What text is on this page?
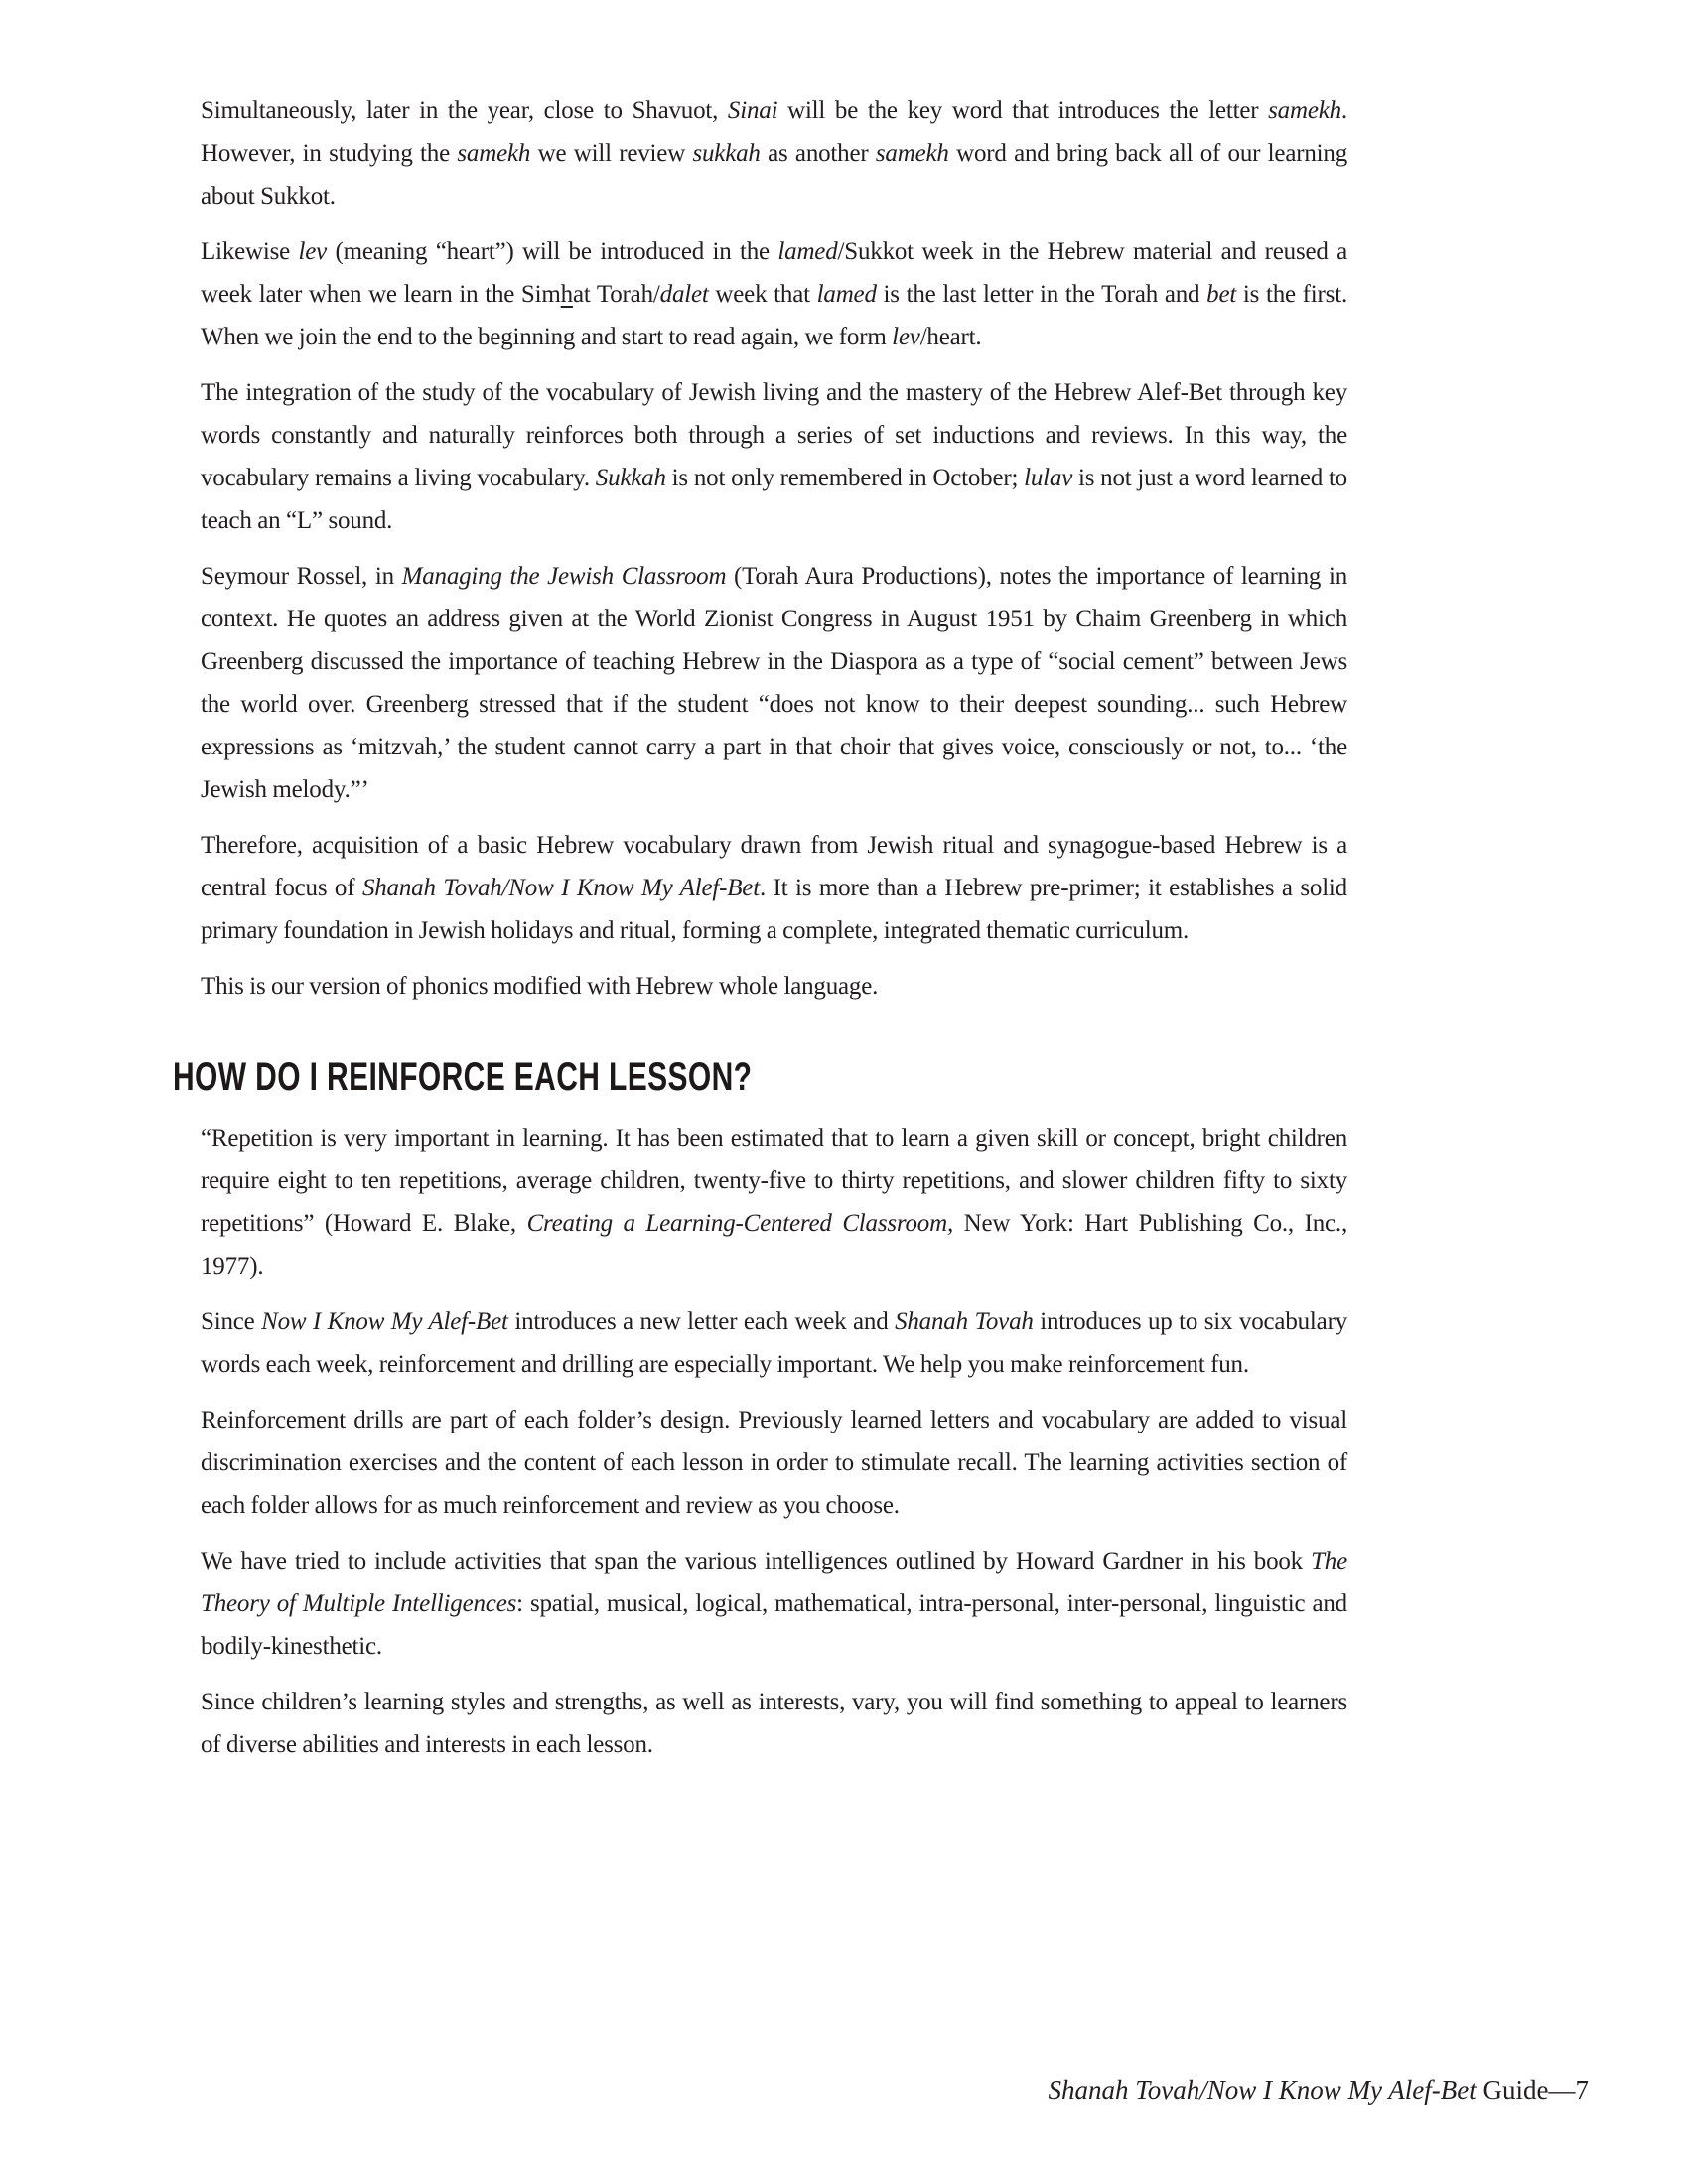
Simultaneously, later in the year, close to Shavuot, Sinai will be the key word that introduces the letter samekh. However, in studying the samekh we will review sukkah as another samekh word and bring back all of our learning about Sukkot.

Likewise lev (meaning “heart”) will be introduced in the lamed/Sukkot week in the Hebrew material and reused a week later when we learn in the Simhat Torah/dalet week that lamed is the last letter in the Torah and bet is the first. When we join the end to the beginning and start to read again, we form lev/heart.

The integration of the study of the vocabulary of Jewish living and the mastery of the Hebrew Alef-Bet through key words constantly and naturally reinforces both through a series of set inductions and reviews. In this way, the vocabulary remains a living vocabulary. Sukkah is not only remembered in October; lulav is not just a word learned to teach an “L” sound.

Seymour Rossel, in Managing the Jewish Classroom (Torah Aura Productions), notes the importance of learning in context. He quotes an address given at the World Zionist Congress in August 1951 by Chaim Greenberg in which Greenberg discussed the importance of teaching Hebrew in the Diaspora as a type of “social cement” between Jews the world over. Greenberg stressed that if the student “does not know to their deepest sounding... such Hebrew expressions as ‘mitzvah,’ the student cannot carry a part in that choir that gives voice, consciously or not, to... ‘the Jewish melody.”’

Therefore, acquisition of a basic Hebrew vocabulary drawn from Jewish ritual and synagogue-based Hebrew is a central focus of Shanah Tovah/Now I Know My Alef-Bet. It is more than a Hebrew pre-primer; it establishes a solid primary foundation in Jewish holidays and ritual, forming a complete, integrated thematic curriculum.

This is our version of phonics modified with Hebrew whole language.

HOW DO I REINFORCE EACH LESSON?

“Repetition is very important in learning. It has been estimated that to learn a given skill or concept, bright children require eight to ten repetitions, average children, twenty-five to thirty repetitions, and slower children fifty to sixty repetitions” (Howard E. Blake, Creating a Learning-Centered Classroom, New York: Hart Publishing Co., Inc., 1977).

Since Now I Know My Alef-Bet introduces a new letter each week and Shanah Tovah introduces up to six vocabulary words each week, reinforcement and drilling are especially important. We help you make reinforcement fun.

Reinforcement drills are part of each folder’s design. Previously learned letters and vocabulary are added to visual discrimination exercises and the content of each lesson in order to stimulate recall. The learning activities section of each folder allows for as much reinforcement and review as you choose.

We have tried to include activities that span the various intelligences outlined by Howard Gardner in his book The Theory of Multiple Intelligences: spatial, musical, logical, mathematical, intra-personal, inter-personal, linguistic and bodily-kinesthetic.

Since children’s learning styles and strengths, as well as interests, vary, you will find something to appeal to learners of diverse abilities and interests in each lesson.

Shanah Tovah/Now I Know My Alef-Bet Guide—7
